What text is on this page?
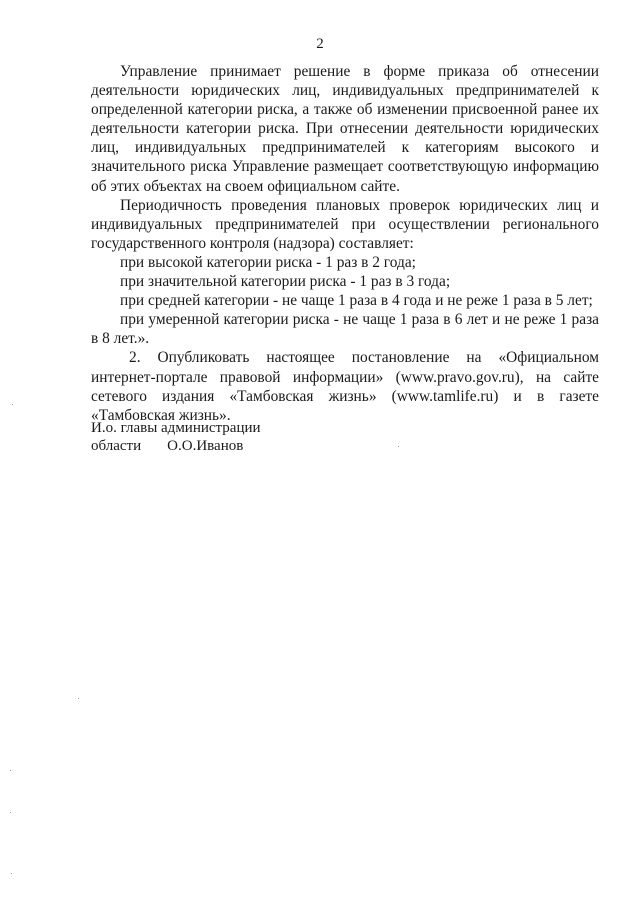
2

Управление принимает решение в форме приказа об отнесении деятельности юридических лиц, индивидуальных предпринимателей к определенной категории риска, а также об изменении присвоенной ранее их деятельности категории риска. При отнесении деятельности юридических лиц, индивидуальных предпринимателей к категориям высокого и значительного риска Управление размещает соответствующую информацию об этих объектах на своем официальном сайте.

Периодичность проведения плановых проверок юридических лиц и индивидуальных предпринимателей при осуществлении регионального государственного контроля (надзора) составляет:

при высокой категории риска - 1 раз в 2 года;

при значительной категории риска - 1 раз в 3 года;

при средней категории - не чаще 1 раза в 4 года и не реже 1 раза в 5 лет;

при умеренной категории риска - не чаще 1 раза в 6 лет и не реже 1 раза в 8 лет.».

2. Опубликовать настоящее постановление на «Официальном интернет-портале правовой информации» (www.pravo.gov.ru), на сайте сетевого издания «Тамбовская жизнь» (www.tamlife.ru) и в газете «Тамбовская жизнь».

И.о. главы администрации
области О.О.Иванов
